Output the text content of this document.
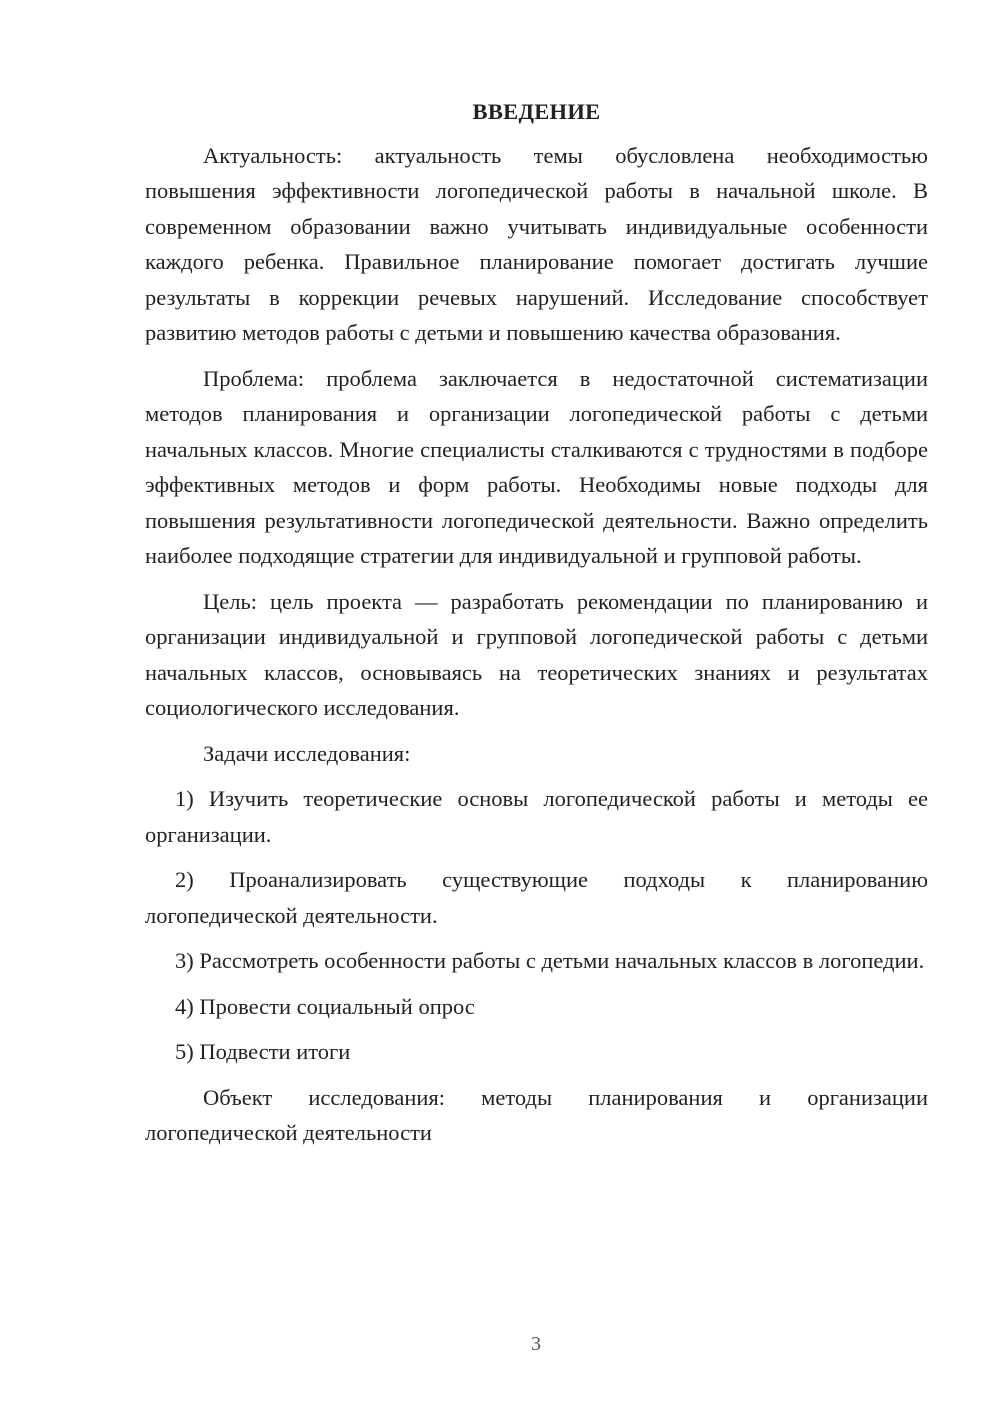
ВВЕДЕНИЕ

Актуальность: актуальность темы обусловлена необходимостью повышения эффективности логопедической работы в начальной школе. В современном образовании важно учитывать индивидуальные особенности каждого ребенка. Правильное планирование помогает достигать лучшие результаты в коррекции речевых нарушений. Исследование способствует развитию методов работы с детьми и повышению качества образования.

Проблема: проблема заключается в недостаточной систематизации методов планирования и организации логопедической работы с детьми начальных классов. Многие специалисты сталкиваются с трудностями в подборе эффективных методов и форм работы. Необходимы новые подходы для повышения результативности логопедической деятельности. Важно определить наиболее подходящие стратегии для индивидуальной и групповой работы.

Цель: цель проекта — разработать рекомендации по планированию и организации индивидуальной и групповой логопедической работы с детьми начальных классов, основываясь на теоретических знаниях и результатах социологического исследования.

Задачи исследования:

1) Изучить теоретические основы логопедической работы и методы ее организации.

2) Проанализировать существующие подходы к планированию логопедической деятельности.

3) Рассмотреть особенности работы с детьми начальных классов в логопедии.

4) Провести социальный опрос

5) Подвести итоги

Объект исследования: методы планирования и организации логопедической деятельности

3
